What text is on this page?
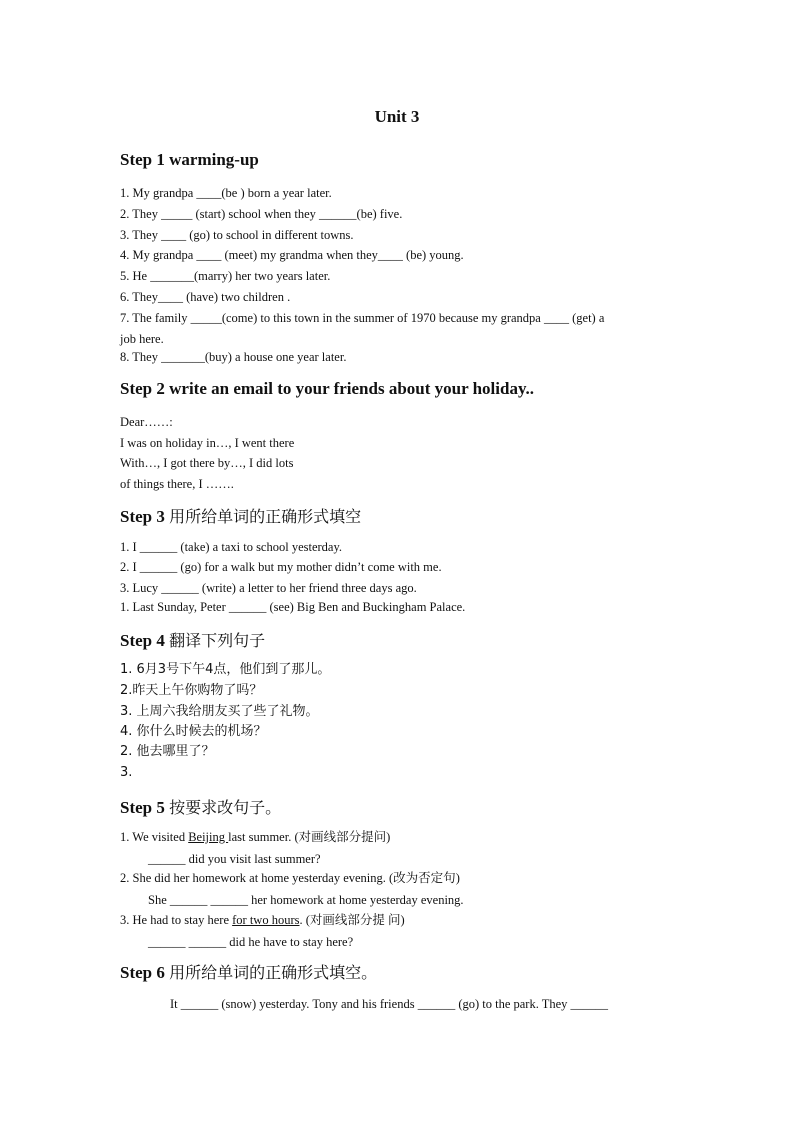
Unit 3
Step 1 warming-up
1. My grandpa ____(be ) born a year later.
2. They _____ (start) school when they ______(be) five.
3. They ____ (go) to school in different towns.
4. My grandpa ____ (meet) my grandma when they____ (be) young.
5. He _______(marry) her two years later.
6. They____ (have) two children .
7. The family _____(come) to this town in the summer of 1970 because my grandpa ____ (get) a
job here.
8. They _______(buy) a house one year later.
Step 2 write an email to your friends about your holiday..
Dear……:
I was on holiday in…, I went there
With…, I got there by…, I did lots
of things there, I …….
Step 3 用所给单词的正确形式填空
1. I ______ (take) a taxi to school yesterday.
2. I ______ (go) for a walk but my mother didn’t come with me.
3. Lucy ______ (write) a letter to her friend three days ago.
1. Last Sunday, Peter ______ (see) Big Ben and Buckingham Palace.
Step 4 翻译下列句子
1. 6月3号下午4点，他们到了那儿。
2.昨天上午你购物了吗？
3. 上周六我给朋友买了些了礼物。
4. 你什么时候去的机场？
2. 他去哪里了？
3.
Step 5 按要求改句子。
1. We visited Beijing last summer. (对画线部分提问)
______ did you visit last summer?
2. She did her homework at home yesterday evening. (改为否定句)
She ______ ______ her homework at home yesterday evening.
3. He had to stay here for two hours. (对画线部分提 问)
______ ______ did he have to stay here?
Step 6 用所给单词的正确形式填空。
It ______ (snow) yesterday. Tony and his friends ______ (go) to the park. They ______
